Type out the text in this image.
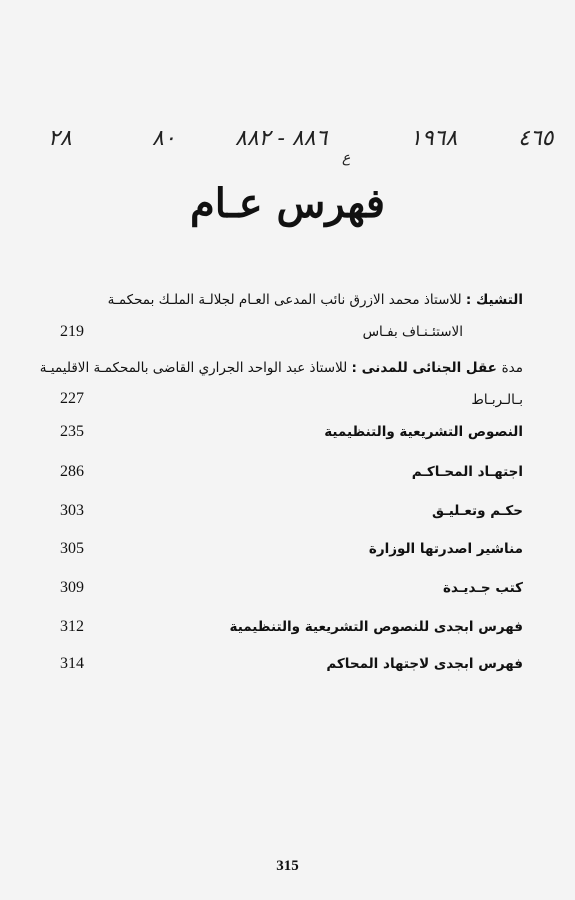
٢٨	٨٠	٨٨٦ - ٨٨٢	١٩٦٨	٤٦٥
ع
فهرس عـام
التشيك : للاستاذ محمد الازرق نائب المدعى العـام لجلالـة الملـك بمحكمـة
الاستئـنـاف بفـاس
219
مدة عقل الجنائى للمدنى : للاستاذ عبد الواحد الجراري القاضى بالمحكمـة الاقليميـة
بـالـربـاط
227
النصوص التشريعية والتنظيمية
235
اجتهـاد المحـاكـم
286
حكـم وتعـليـق
303
مناشير اصدرتها الوزارة
305
كتب جـديـدة
309
فهرس ابجدى للنصوص التشريعية والتنظيمية
312
فهرس ابجدى لاجتهاد المحاكم
314
315
